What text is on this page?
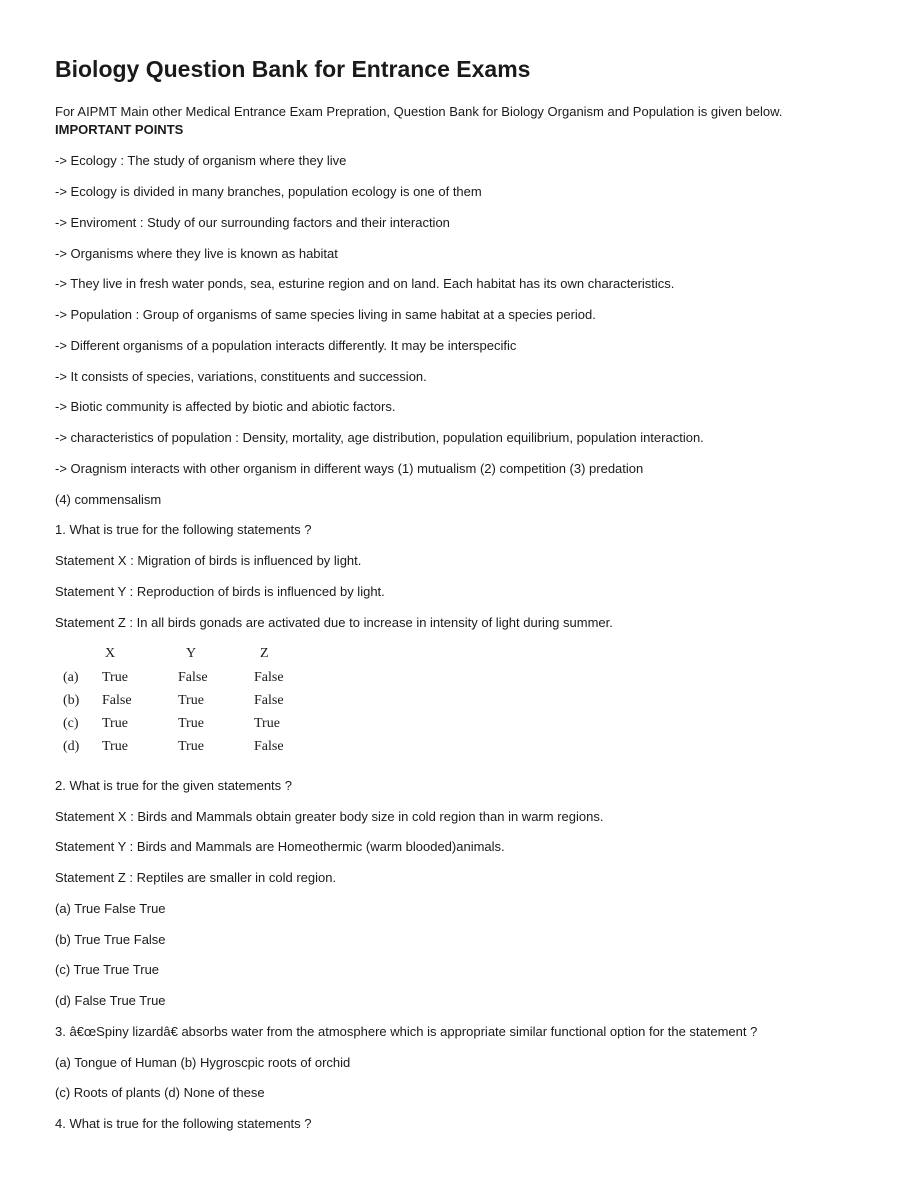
Biology Question Bank for Entrance Exams
For AIPMT Main other Medical Entrance Exam Prepration, Question Bank for Biology Organism and Population is given below.
IMPORTANT POINTS
-> Ecology : The study of organism where they live
-> Ecology is divided in many branches, population ecology is one of them
-> Enviroment : Study of our surrounding factors and their interaction
-> Organisms where they live is known as habitat
-> They live in fresh water ponds, sea, esturine region and on land. Each habitat has its own characteristics.
-> Population : Group of organisms of same species living in same habitat at a species period.
-> Different organisms of a population interacts differently. It may be interspecific
-> It consists of species, variations, constituents and succession.
-> Biotic community is affected by biotic and abiotic factors.
-> characteristics of population : Density, mortality, age distribution, population equilibrium, population interaction.
-> Oragnism interacts with other organism in different ways (1) mutualism (2) competition (3) predation
(4) commensalism
1. What is true for the following statements ?
Statement X : Migration of birds is influenced by light.
Statement Y : Reproduction of birds is influenced by light.
Statement Z : In all birds gonads are activated due to increase in intensity of light during summer.
X	Y	Z
(a) True	False	False
(b) False	True	False
(c) True	True	True
(d) True	True	False
2. What is true for the given statements ?
Statement X : Birds and Mammals obtain greater body size in cold region than in warm regions.
Statement Y : Birds and Mammals are Homeothermic (warm blooded)animals.
Statement Z : Reptiles are smaller in cold region.
(a) True False True
(b) True True False
(c) True True True
(d) False True True
3. â€œSpiny lizardâ€ absorbs water from the atmosphere which is appropriate similar functional option for the statement ?
(a) Tongue of Human (b) Hygroscpic roots of orchid
(c) Roots of plants (d) None of these
4. What is true for the following statements ?
